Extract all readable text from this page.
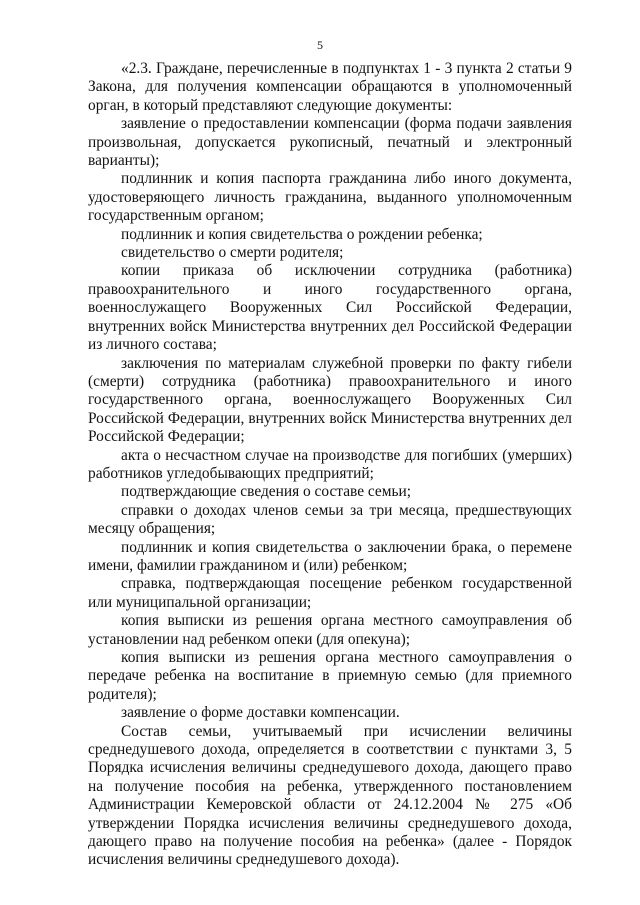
5

«2.3. Граждане, перечисленные в подпунктах 1 - 3 пункта 2 статьи 9 Закона, для получения компенсации обращаются в уполномоченный орган, в который представляют следующие документы:

заявление о предоставлении компенсации (форма подачи заявления произвольная, допускается рукописный, печатный и электронный варианты);

подлинник и копия паспорта гражданина либо иного документа, удостоверяющего личность гражданина, выданного уполномоченным государственным органом;

подлинник и копия свидетельства о рождении ребенка;

свидетельство о смерти родителя;

копии приказа об исключении сотрудника (работника) правоохранительного и иного государственного органа, военнослужащего Вооруженных Сил Российской Федерации, внутренних войск Министерства внутренних дел Российской Федерации из личного состава;

заключения по материалам служебной проверки по факту гибели (смерти) сотрудника (работника) правоохранительного и иного государственного органа, военнослужащего Вооруженных Сил Российской Федерации, внутренних войск Министерства внутренних дел Российской Федерации;

акта о несчастном случае на производстве для погибших (умерших) работников угледобывающих предприятий;

подтверждающие сведения о составе семьи;

справки о доходах членов семьи за три месяца, предшествующих месяцу обращения;

подлинник и копия свидетельства о заключении брака, о перемене имени, фамилии гражданином и (или) ребенком;

справка, подтверждающая посещение ребенком государственной или муниципальной организации;

копия выписки из решения органа местного самоуправления об установлении над ребенком опеки (для опекуна);

копия выписки из решения органа местного самоуправления о передаче ребенка на воспитание в приемную семью (для приемного родителя);

заявление о форме доставки компенсации.

Состав семьи, учитываемый при исчислении величины среднедушевого дохода, определяется в соответствии с пунктами 3, 5 Порядка исчисления величины среднедушевого дохода, дающего право на получение пособия на ребенка, утвержденного постановлением Администрации Кемеровской области от 24.12.2004 № 275 «Об утверждении Порядка исчисления величины среднедушевого дохода, дающего право на получение пособия на ребенка» (далее - Порядок исчисления величины среднедушевого дохода).
